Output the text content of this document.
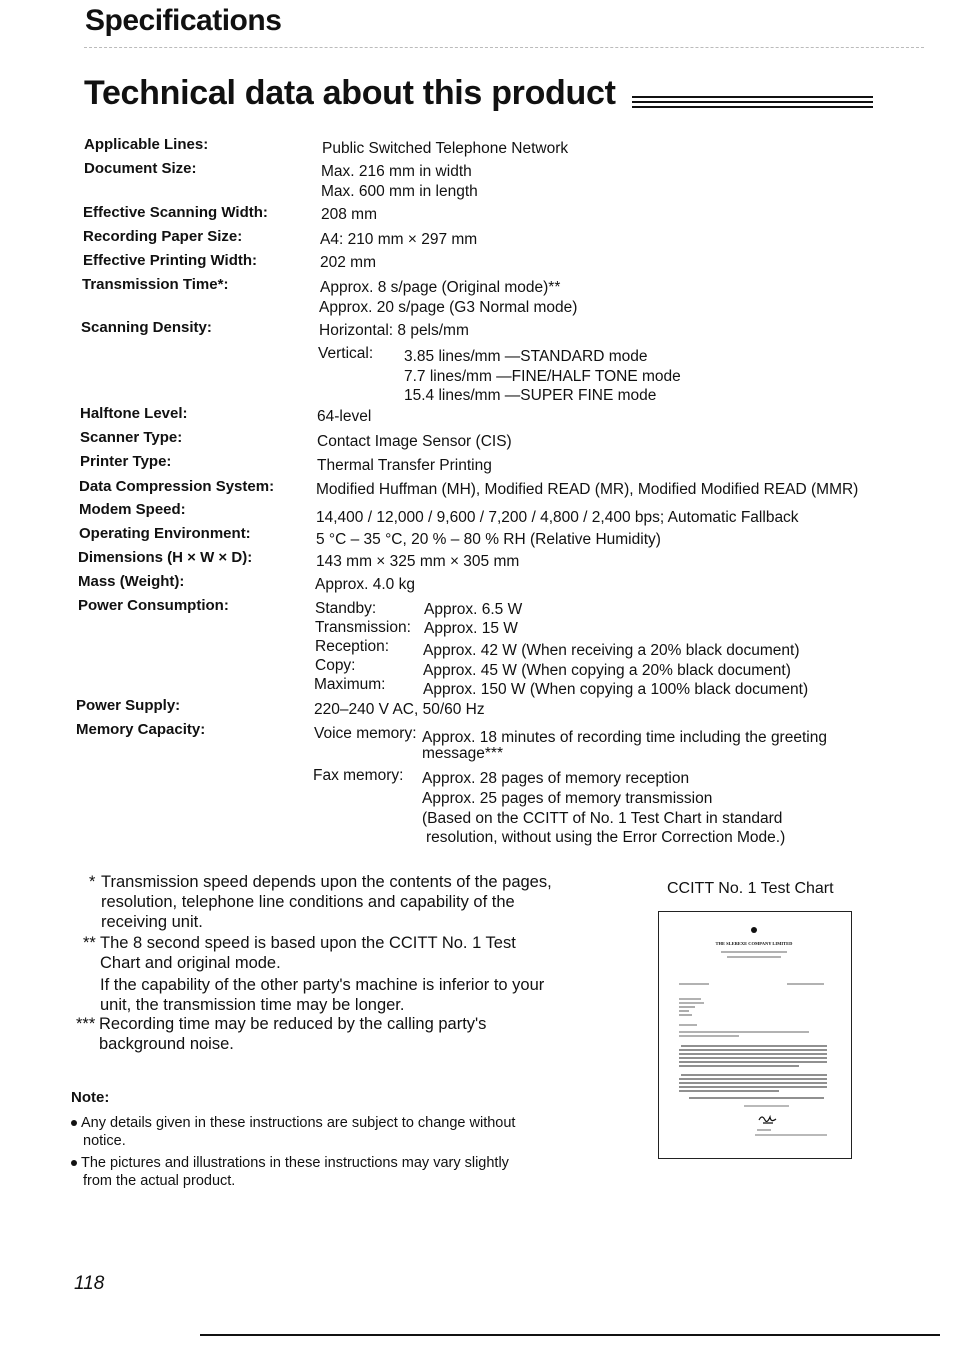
Specifications
Technical data about this product
Applicable Lines:
Document Size:
Effective Scanning Width:
Recording Paper Size:
Effective Printing Width:
Transmission Time*:
Scanning Density:
Halftone Level:
Scanner Type:
Printer Type:
Data Compression System:
Modem Speed:
Operating Environment:
Dimensions (H × W × D):
Mass (Weight):
Power Consumption:
Power Supply:
Memory Capacity:
Public Switched Telephone Network
Max. 216 mm in width
Max. 600 mm in length
208 mm
A4: 210 mm × 297 mm
202 mm
Approx. 8 s/page (Original mode)**
Approx. 20 s/page (G3 Normal mode)
Horizontal: 8 pels/mm
Vertical: 3.85 lines/mm —STANDARD mode
7.7 lines/mm —FINE/HALF TONE mode
15.4 lines/mm —SUPER FINE mode
64-level
Contact Image Sensor (CIS)
Thermal Transfer Printing
Modified Huffman (MH), Modified READ (MR), Modified Modified READ (MMR)
14,400 / 12,000 / 9,600 / 7,200 / 4,800 / 2,400 bps; Automatic Fallback
5 °C – 35 °C, 20 % – 80 % RH (Relative Humidity)
143 mm × 325 mm × 305 mm
Approx. 4.0 kg
Standby:	Approx. 6.5 W
Transmission: Approx. 15 W
Reception: Approx. 42 W (When receiving a 20% black document)
Copy:	Approx. 45 W (When copying a 20% black document)
Maximum: Approx. 150 W (When copying a 100% black document)
220–240 V AC, 50/60 Hz
Voice memory: Approx. 18 minutes of recording time including the greeting
message***
Fax memory: Approx. 28 pages of memory reception
Approx. 25 pages of memory transmission
(Based on the CCITT of No. 1 Test Chart in standard
resolution, without using the Error Correction Mode.)
* Transmission speed depends upon the contents of the pages,
resolution, telephone line conditions and capability of the
receiving unit.
** The 8 second speed is based upon the CCITT No. 1 Test
Chart and original mode.
If the capability of the other party's machine is inferior to your
unit, the transmission time may be longer.
*** Recording time may be reduced by the calling party's
background noise.
Note:
Any details given in these instructions are subject to change without
notice.
The pictures and illustrations in these instructions may vary slightly
from the actual product.
CCITT No. 1 Test Chart
THE SLEREXE COMPANY LIMITED
118
